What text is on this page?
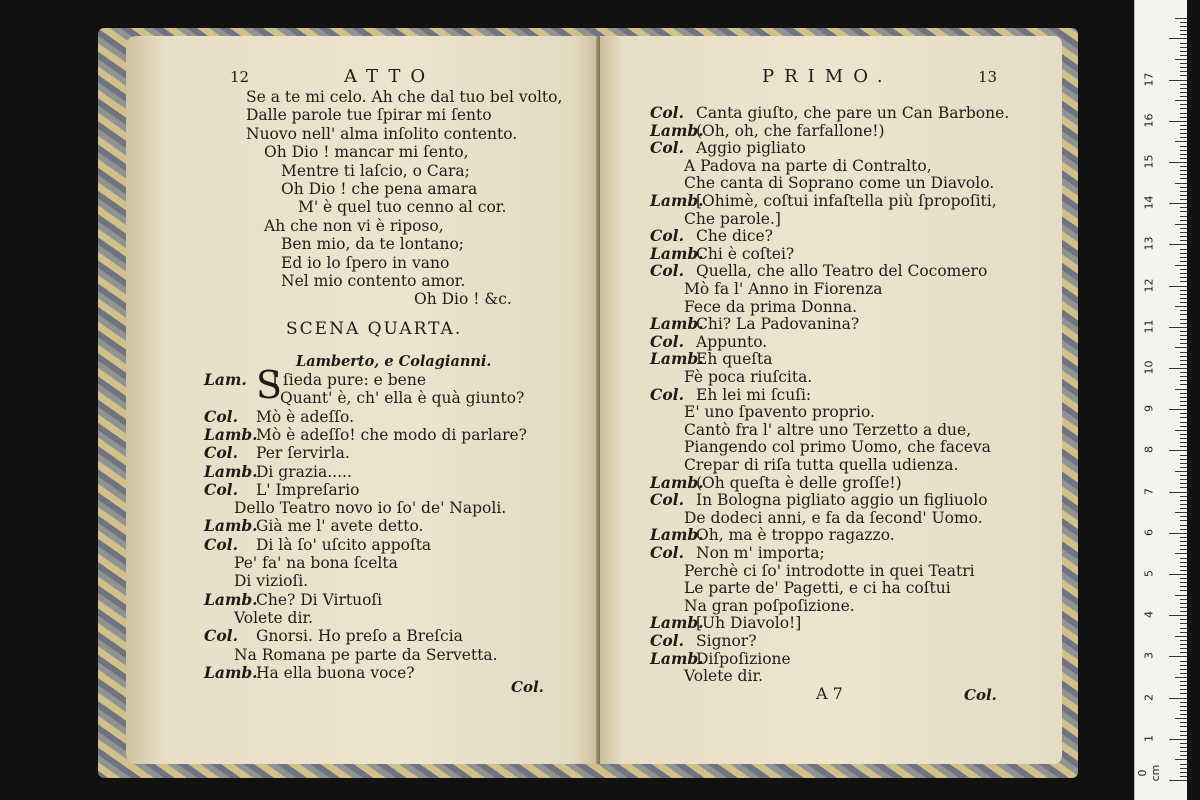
12	ATTO
Se a te mi celo. Ah che dal tuo bel volto,
Dalle parole tue ſpirar mi ſento
Nuovo nell' alma inſolito contento.
Oh Dio ! mancar mi ſento,
Mentre ti laſcio, o Cara;
Oh Dio ! che pena amara
M' è quel tuo cenno al cor.
Ah che non vi è riposo,
Ben mio, da te lontano;
Ed io lo ſpero in vano
Nel mio contento amor.
Oh Dio ! &c.
SCENA QUARTA.
Lamberto, e Colagianni.
S
Lam. I ſieda pure: e bene
Quant' è, ch' ella è quà giunto?
Col. Mò è adeſſo.
Lamb.
Mò è adeſſo! che modo di parlare?
Col. Per ſervirla.
Lamb.
Di grazia.....
Col. L' Impreſario
Dello Teatro novo io ſo' de' Napoli.
Lamb.
Già me l' avete detto.
Col. Di là ſo' uſcito appoſta
Pe' fa' na bona ſcelta
Di vizioſi.
Lamb.
Che? Di Virtuoſi
Volete dir.
Col. Gnorsi. Ho preſo a Breſcia
Na Romana pe parte da Servetta.
Lamb.
Ha ella buona voce?
Col.
PRIMO.	13
Col. Canta giuſto, che pare un Can Barbone.
Lamb.
(Oh, oh, che farfallone!)
Col. Aggio pigliato
A Padova na parte di Contralto,
Che canta di Soprano come un Diavolo.
Lamb.
[Ohimè, coſtui infaſtella più ſpropoſiti,
Che parole.]
Col. Che dice?
Lamb.
Chi è coſtei?
Col. Quella, che allo Teatro del Cocomero
Mò fa l' Anno in Fiorenza
Fece da prima Donna.
Lamb.
Chi? La Padovanina?
Col. Appunto.
Lamb.
Eh queſta
Fè poca riuſcita.
Col. Eh lei mi ſcuſi:
E' uno ſpavento proprio.
Cantò fra l' altre uno Terzetto a due,
Piangendo col primo Uomo, che faceva
Crepar di riſa tutta quella udienza.
Lamb.
(Oh queſta è delle groſſe!)
Col. In Bologna pigliato aggio un figliuolo
De dodeci anni, e fa da ſecond' Uomo.
Lamb.
Oh, ma è troppo ragazzo.
Col. Non m' importa;
Perchè ci ſo' introdotte in quei Teatri
Le parte de' Pagetti, e ci ha coſtui
Na gran poſpoſizione.
Lamb.
[Uh Diavolo!]
Col. Signor?
Lamb.
Diſpoſizione
Volete dir.
A 7	Col.
0 cm
1
2
3
4
5
6
7
8
9
10
11
12
13
14
15
16
17
